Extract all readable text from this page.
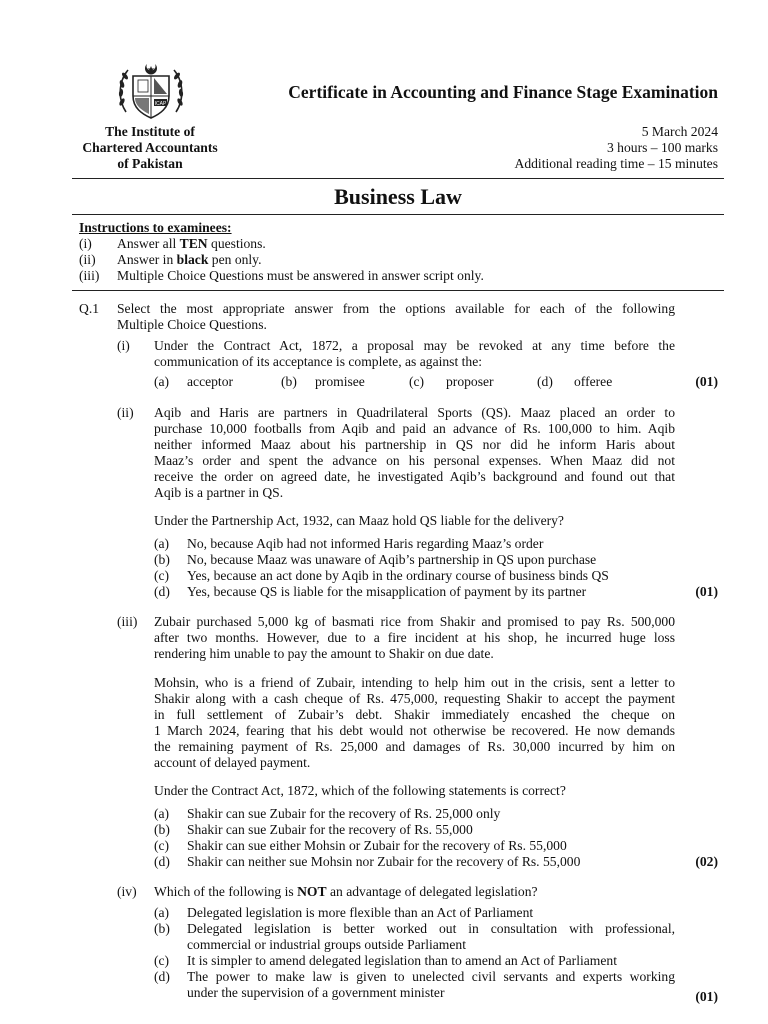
ICAP
The Institute of
Chartered Accountants
of Pakistan
Certificate in Accounting and Finance Stage Examination
5 March 2024
3 hours – 100 marks
Additional reading time – 15 minutes
Business Law
Instructions to examinees:
(i) Answer all TEN questions.
(ii) Answer in black pen only.
(iii) Multiple Choice Questions must be answered in answer script only.
Q.1 Select the most appropriate answer from the options available for each of the following
Multiple Choice Questions.
(i) Under the Contract Act, 1872, a proposal may be revoked at any time before the
communication of its acceptance is complete, as against the:
(a) acceptor	(b) promisee	(c) proposer	(d) offeree	(01)
(ii) Aqib and Haris are partners in Quadrilateral Sports (QS). Maaz placed an order to
purchase 10,000 footballs from Aqib and paid an advance of Rs. 100,000 to him. Aqib
neither informed Maaz about his partnership in QS nor did he inform Haris about
Maaz’s order and spent the advance on his personal expenses. When Maaz did not
receive the order on agreed date, he investigated Aqib’s background and found out that
Aqib is a partner in QS.
Under the Partnership Act, 1932, can Maaz hold QS liable for the delivery?
(a) No, because Aqib had not informed Haris regarding Maaz’s order
(b) No, because Maaz was unaware of Aqib’s partnership in QS upon purchase
(c) Yes, because an act done by Aqib in the ordinary course of business binds QS
(d) Yes, because QS is liable for the misapplication of payment by its partner	(01)
(iii) Zubair purchased 5,000 kg of basmati rice from Shakir and promised to pay Rs. 500,000
after two months. However, due to a fire incident at his shop, he incurred huge loss
rendering him unable to pay the amount to Shakir on due date.
Mohsin, who is a friend of Zubair, intending to help him out in the crisis, sent a letter to
Shakir along with a cash cheque of Rs. 475,000, requesting Shakir to accept the payment
in full settlement of Zubair’s debt. Shakir immediately encashed the cheque on
1 March 2024, fearing that his debt would not otherwise be recovered. He now demands
the remaining payment of Rs. 25,000 and damages of Rs. 30,000 incurred by him on
account of delayed payment.
Under the Contract Act, 1872, which of the following statements is correct?
(a) Shakir can sue Zubair for the recovery of Rs. 25,000 only
(b) Shakir can sue Zubair for the recovery of Rs. 55,000
(c) Shakir can sue either Mohsin or Zubair for the recovery of Rs. 55,000
(d) Shakir can neither sue Mohsin nor Zubair for the recovery of Rs. 55,000	(02)
(iv) Which of the following is NOT an advantage of delegated legislation?
(a) Delegated legislation is more flexible than an Act of Parliament
(b) Delegated legislation is better worked out in consultation with professional,
commercial or industrial groups outside Parliament
(c) It is simpler to amend delegated legislation than to amend an Act of Parliament
(d) The power to make law is given to unelected civil servants and experts working
under the supervision of a government minister	(01)
